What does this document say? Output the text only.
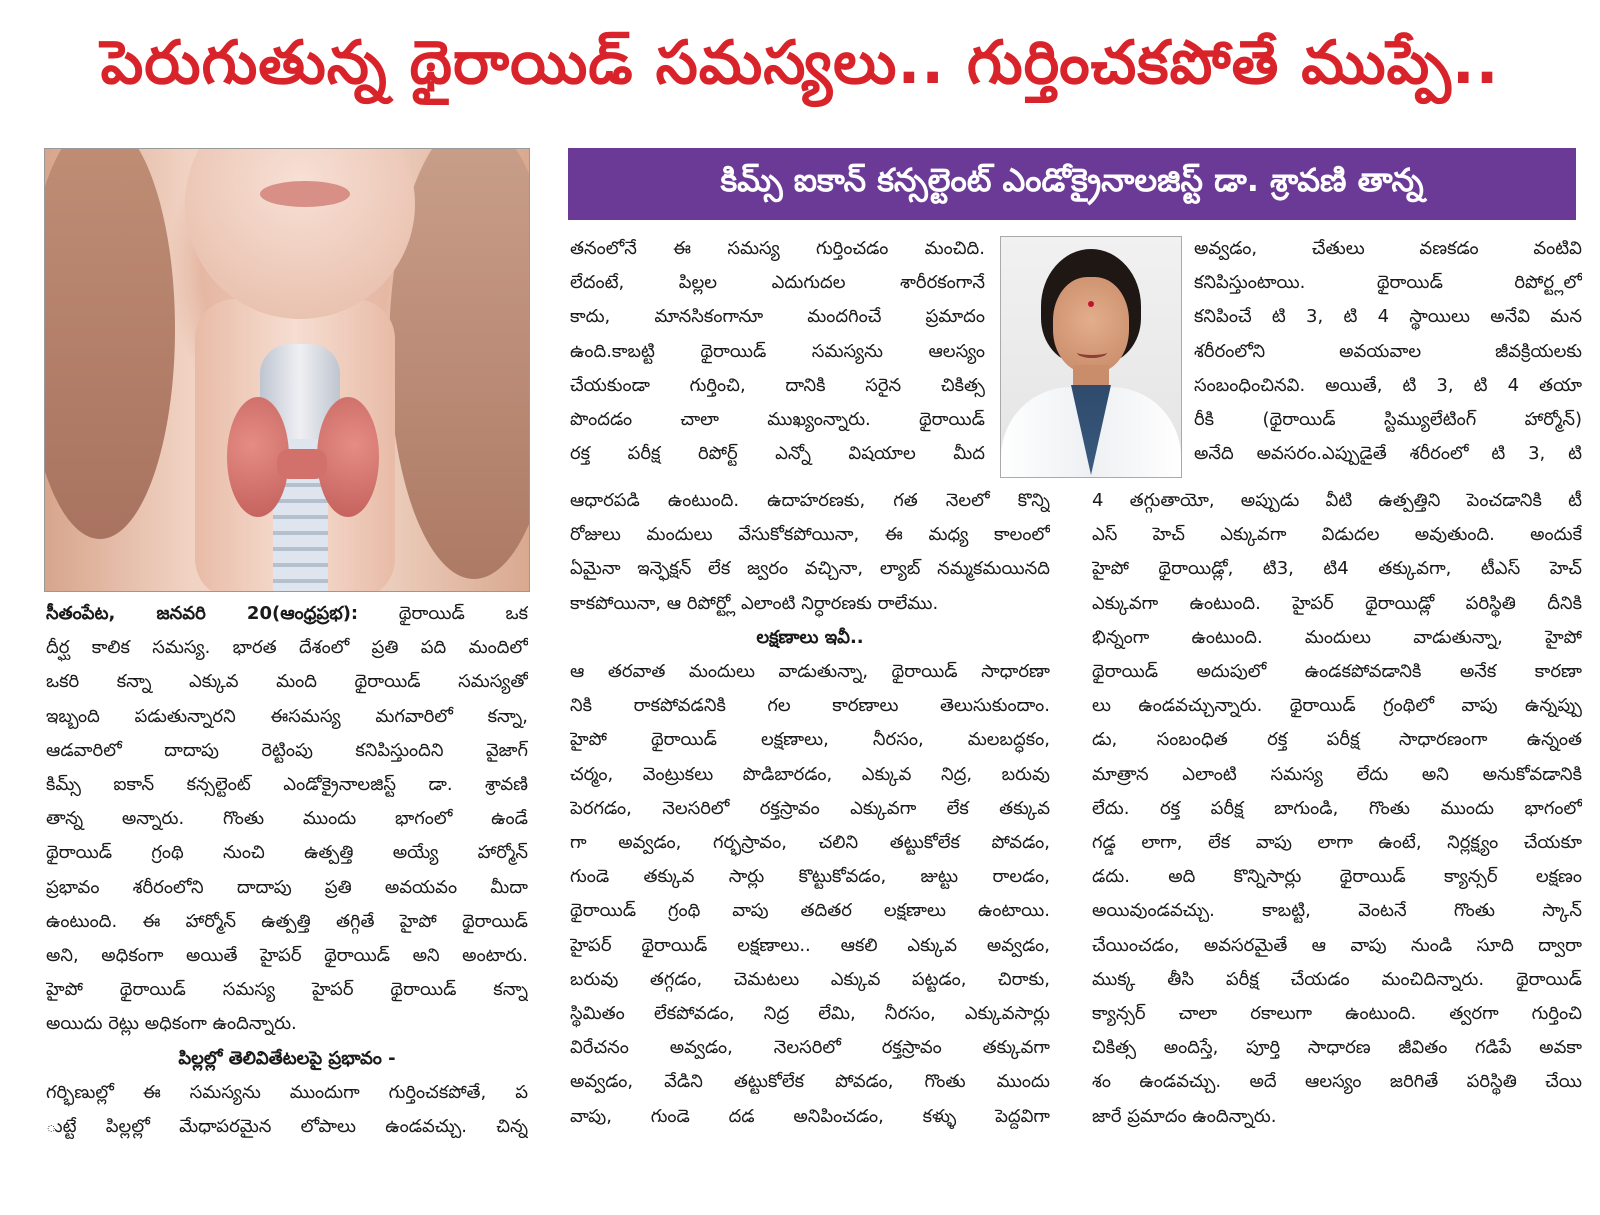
పెరుగుతున్న థైరాయిడ్ సమస్యలు.. గుర్తించకపోతే ముప్పే..
కిమ్స్ ఐకాన్ కన్సల్టెంట్ ఎండోక్రైనాలజిస్ట్ డా. శ్రావణి తాన్న
సీతంపేట, జనవరి 20(ఆంధ్రప్రభ): థైరాయిడ్ ఒక
దీర్ఘ కాలిక సమస్య. భారత దేశంలో ప్రతి పది మందిలో
ఒకరి కన్నా ఎక్కువ మంది థైరాయిడ్ సమస్యతో
ఇబ్బంది పడుతున్నారని ఈసమస్య మగవారిలో కన్నా,
ఆడవారిలో దాదాపు రెట్టింపు కనిపిస్తుందిని వైజాగ్
కిమ్స్ ఐకాన్ కన్సల్టెంట్ ఎండోక్రైనాలజిస్ట్ డా. శ్రావణి
తాన్న అన్నారు. గొంతు ముందు భాగంలో ఉండే
థైరాయిడ్ గ్రంథి నుంచి ఉత్పత్తి అయ్యే హార్మోన్
ప్రభావం శరీరంలోని దాదాపు ప్రతి అవయవం మీదా
ఉంటుంది. ఈ హార్మోన్ ఉత్పత్తి తగ్గితే హైపో థైరాయిడ్
అని, అధికంగా అయితే హైపర్ థైరాయిడ్ అని అంటారు.
హైపో థైరాయిడ్ సమస్య హైపర్ థైరాయిడ్ కన్నా
అయిదు రెట్లు అధికంగా ఉందిన్నారు.
పిల్లల్లో తెలివితేటలపై ప్రభావం -
గర్భిణుల్లో ఈ సమస్యను ముందుగా గుర్తించకపోతే, ప
ుట్టే పిల్లల్లో మేధాపరమైన లోపాలు ఉండవచ్చు. చిన్న
తనంలోనే ఈ సమస్య గుర్తించడం మంచిది.
లేదంటే, పిల్లల ఎదుగుదల శారీరకంగానే
కాదు, మానసికంగానూ మందగించే ప్రమాదం
ఉంది.కాబట్టి థైరాయిడ్ సమస్యను ఆలస్యం
చేయకుండా గుర్తించి, దానికి సరైన చికిత్స
పొందడం చాలా ముఖ్యంన్నారు. థైరాయిడ్
రక్త పరీక్ష రిపోర్ట్ ఎన్నో విషయాల మీద
ఆధారపడి ఉంటుంది. ఉదాహరణకు, గత నెలలో కొన్ని
రోజులు మందులు వేసుకోకపోయినా, ఈ మధ్య కాలంలో
ఏమైనా ఇన్ఫెక్షన్ లేక జ్వరం వచ్చినా, ల్యాబ్ నమ్మకమయినది
కాకపోయినా, ఆ రిపోర్ట్లో ఎలాంటి నిర్ధారణకు రాలేము.
లక్షణాలు ఇవీ..
ఆ తరవాత మందులు వాడుతున్నా, థైరాయిడ్ సాధారణా
నికి రాకపోవడనికి గల కారణాలు తెలుసుకుందాం.
హైపో థైరాయిడ్ లక్షణాలు, నీరసం, మలబద్ధకం,
చర్మం, వెంట్రుకలు పొడిబారడం, ఎక్కువ నిద్ర, బరువు
పెరగడం, నెలసరిలో రక్తస్రావం ఎక్కువగా లేక తక్కువ
గా అవ్వడం, గర్భస్రావం, చలిని తట్టుకోలేక పోవడం,
గుండె తక్కువ సార్లు కొట్టుకోవడం, జుట్టు రాలడం,
థైరాయిడ్ గ్రంథి వాపు తదితర లక్షణాలు ఉంటాయి.
హైపర్ థైరాయిడ్ లక్షణాలు.. ఆకలి ఎక్కువ అవ్వడం,
బరువు తగ్గడం, చెమటలు ఎక్కువ పట్టడం, చిరాకు,
స్థిమితం లేకపోవడం, నిద్ర లేమి, నీరసం, ఎక్కువసార్లు
విరేచనం అవ్వడం, నెలసరిలో రక్తస్రావం తక్కువగా
అవ్వడం, వేడిని తట్టుకోలేక పోవడం, గొంతు ముందు
వాపు, గుండె దడ అనిపించడం, కళ్ళు పెద్దవిగా
అవ్వడం, చేతులు వణకడం వంటివి
కనిపిస్తుంటాయి. థైరాయిడ్ రిపోర్ట్లలో
కనిపించే టి 3, టి 4 స్థాయిలు అనేవి మన
శరీరంలోని అవయవాల జీవక్రియలకు
సంబంధించినవి. అయితే, టి 3, టి 4 తయా
రీకి (థైరాయిడ్ స్టిమ్యులేటింగ్ హార్మోన్)
అనేది అవసరం.ఎప్పుడైతే శరీరంలో టి 3, టి
4 తగ్గుతాయో, అప్పుడు వీటి ఉత్పత్తిని పెంచడానికి టీ
ఎస్ హెచ్ ఎక్కువగా విడుదల అవుతుంది. అందుకే
హైపో థైరాయిడ్లో, టి3, టి4 తక్కువగా, టీఎస్ హెచ్
ఎక్కువగా ఉంటుంది. హైపర్ థైరాయిడ్లో పరిస్థితి దీనికి
భిన్నంగా ఉంటుంది. మందులు వాడుతున్నా, హైపో
థైరాయిడ్ అదుపులో ఉండకపోవడానికి అనేక కారణా
లు ఉండవచ్చున్నారు. థైరాయిడ్ గ్రంథిలో వాపు ఉన్నప్పు
డు, సంబంధిత రక్త పరీక్ష సాధారణంగా ఉన్నంత
మాత్రాన ఎలాంటి సమస్య లేదు అని అనుకోవడానికి
లేదు. రక్త పరీక్ష బాగుండి, గొంతు ముందు భాగంలో
గడ్డ లాగా, లేక వాపు లాగా ఉంటే, నిర్లక్ష్యం చేయకూ
డదు. అది కొన్నిసార్లు థైరాయిడ్ క్యాన్సర్ లక్షణం
అయివుండవచ్చు. కాబట్టి, వెంటనే గొంతు స్కాన్
చేయించడం, అవసరమైతే ఆ వాపు నుండి సూది ద్వారా
ముక్క తీసి పరీక్ష చేయడం మంచిదిన్నారు. థైరాయిడ్
క్యాన్సర్ చాలా రకాలుగా ఉంటుంది. త్వరగా గుర్తించి
చికిత్స అందిస్తే, పూర్తి సాధారణ జీవితం గడిపే అవకా
శం ఉండవచ్చు. అదే ఆలస్యం జరిగితే పరిస్థితి చేయి
జారే ప్రమాదం ఉందిన్నారు.
